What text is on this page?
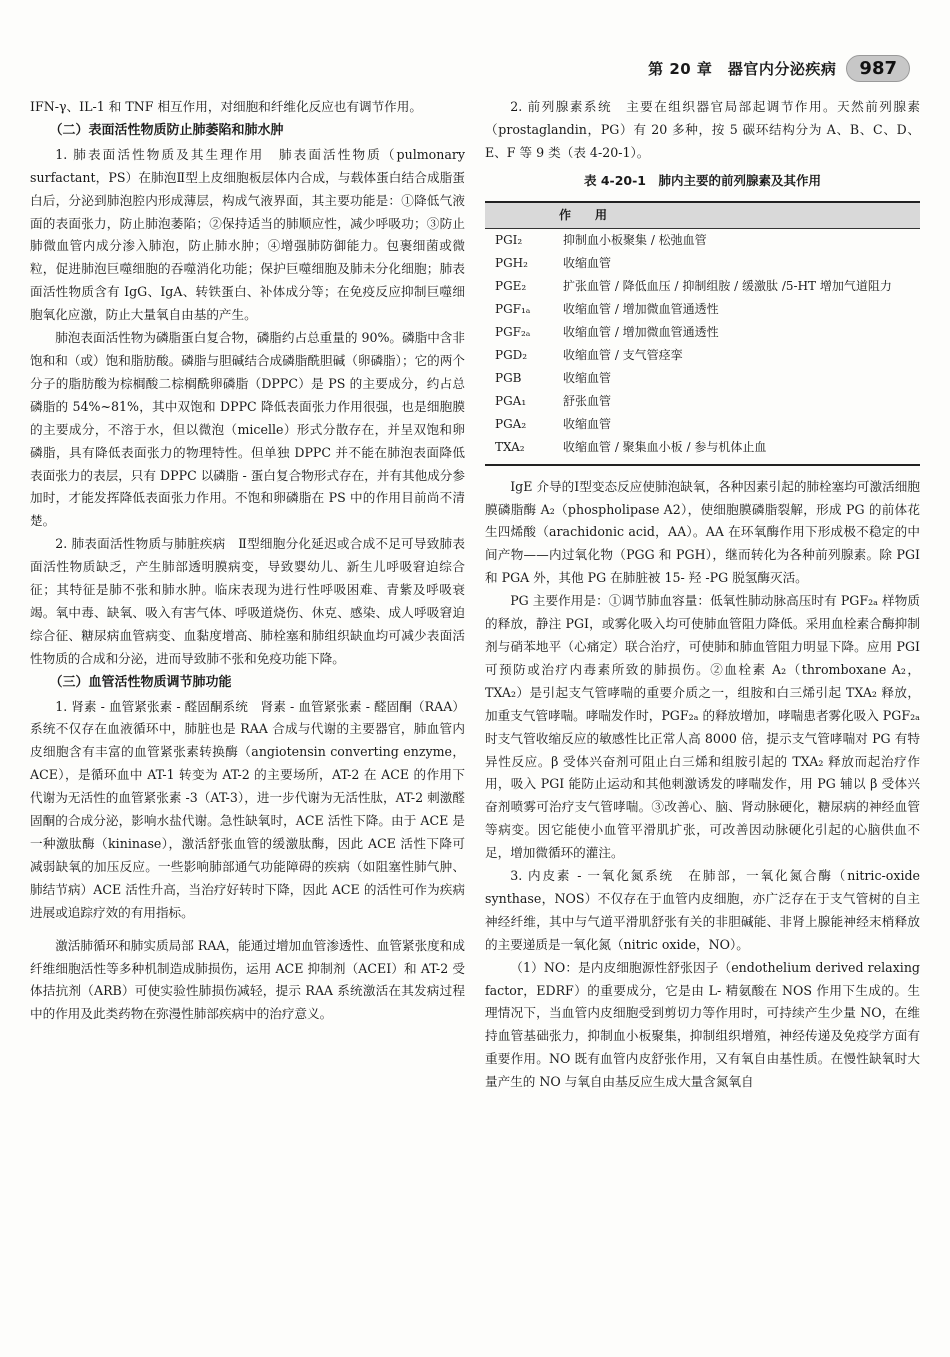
第 20 章　器官内分泌疾病	987

IFN-γ、IL-1 和 TNF 相互作用，对细胞和纤维化反应也有调节作用。

（二）表面活性物质防止肺萎陷和肺水肿

1. 肺表面活性物质及其生理作用　肺表面活性物质（pulmonary surfactant，PS）在肺泡Ⅱ型上皮细胞板层体内合成，与载体蛋白结合成脂蛋白后，分泌到肺泡腔内形成薄层，构成气液界面，其主要功能是：①降低气液面的表面张力，防止肺泡萎陷；②保持适当的肺顺应性，减少呼吸功；③防止肺微血管内成分渗入肺泡，防止肺水肿；④增强肺防御能力。包裹细菌或微粒，促进肺泡巨噬细胞的吞噬消化功能；保护巨噬细胞及肺未分化细胞；肺表面活性物质含有 IgG、IgA、转铁蛋白、补体成分等；在免疫反应抑制巨噬细胞氧化应激，防止大量氧自由基的产生。

肺泡表面活性物为磷脂蛋白复合物，磷脂约占总重量的 90%。磷脂中含非饱和和（或）饱和脂肪酸。磷脂与胆碱结合成磷脂酰胆碱（卵磷脂）；它的两个分子的脂肪酸为棕榈酸二棕榈酰卵磷脂（DPPC）是 PS 的主要成分，约占总磷脂的 54%~81%，其中双饱和 DPPC 降低表面张力作用很强，也是细胞膜的主要成分，不溶于水，但以微泡（micelle）形式分散存在，并呈双饱和卵磷脂，具有降低表面张力的物理特性。但单独 DPPC 并不能在肺泡表面降低表面张力的表层，只有 DPPC 以磷脂 - 蛋白复合物形式存在，并有其他成分参加时，才能发挥降低表面张力作用。不饱和卵磷脂在 PS 中的作用目前尚不清楚。

2. 肺表面活性物质与肺脏疾病　Ⅱ型细胞分化延迟或合成不足可导致肺表面活性物质缺乏，产生肺部透明膜病变，导致婴幼儿、新生儿呼吸窘迫综合征；其特征是肺不张和肺水肿。临床表现为进行性呼吸困难、青紫及呼吸衰竭。氧中毒、缺氧、吸入有害气体、呼吸道烧伤、休克、感染、成人呼吸窘迫综合征、糖尿病血管病变、血黏度增高、肺栓塞和肺组织缺血均可减少表面活性物质的合成和分泌，进而导致肺不张和免疫功能下降。

（三）血管活性物质调节肺功能

1. 肾素 - 血管紧张素 - 醛固酮系统　肾素 - 血管紧张素 - 醛固酮（RAA）系统不仅存在血液循环中，肺脏也是 RAA 合成与代谢的主要器官，肺血管内皮细胞含有丰富的血管紧张素转换酶（angiotensin converting enzyme，ACE），是循环血中 AT-1 转变为 AT-2 的主要场所，AT-2 在 ACE 的作用下代谢为无活性的血管紧张素 -3（AT-3），进一步代谢为无活性肽，AT-2 刺激醛固酮的合成分泌，影响水盐代谢。急性缺氧时，ACE 活性下降。由于 ACE 是一种激肽酶（kininase），激活舒张血管的缓激肽酶，因此 ACE 活性下降可减弱缺氧的加压反应。一些影响肺部通气功能障碍的疾病（如阻塞性肺气肿、肺结节病）ACE 活性升高，当治疗好转时下降，因此 ACE 的活性可作为疾病进展或追踪疗效的有用指标。

激活肺循环和肺实质局部 RAA，能通过增加血管渗透性、血管紧张度和成纤维细胞活性等多种机制造成肺损伤，运用 ACE 抑制剂（ACEI）和 AT-2 受体拮抗剂（ARB）可使实验性肺损伤减轻，提示 RAA 系统激活在其发病过程中的作用及此类药物在弥漫性肺部疾病中的治疗意义。

2. 前列腺素系统　主要在组织器官局部起调节作用。天然前列腺素（prostaglandin，PG）有 20 多种，按 5 碳环结构分为 A、B、C、D、E、F 等 9 类（表 4-20-1）。

表 4-20-1　肺内主要的前列腺素及其作用
	作　　用
PGI₂	抑制血小板聚集 / 松弛血管
PGH₂	收缩血管
PGE₂	扩张血管 / 降低血压 / 抑制组胺 / 缓激肽 /5-HT 增加气道阻力
PGF₁ₐ	收缩血管 / 增加微血管通透性
PGF₂ₐ	收缩血管 / 增加微血管通透性
PGD₂	收缩血管 / 支气管痉挛
PGB	收缩血管
PGA₁	舒张血管
PGA₂	收缩血管
TXA₂	收缩血管 / 聚集血小板 / 参与机体止血

IgE 介导的Ⅰ型变态反应使肺泡缺氧，各种因素引起的肺栓塞均可激活细胞膜磷脂酶 A₂（phospholipase A2），使细胞膜磷脂裂解，形成 PG 的前体花生四烯酸（arachidonic acid，AA）。AA 在环氧酶作用下形成极不稳定的中间产物——内过氧化物（PGG 和 PGH），继而转化为各种前列腺素。除 PGI 和 PGA 外，其他 PG 在肺脏被 15- 羟 -PG 脱氢酶灭活。

PG 主要作用是：①调节肺血容量：低氧性肺动脉高压时有 PGF₂ₐ 样物质的释放，静注 PGI，或雾化吸入均可使肺血管阻力降低。采用血栓素合酶抑制剂与硝苯地平（心痛定）联合治疗，可使肺和肺血管阻力明显下降。应用 PGI 可预防或治疗内毒素所致的肺损伤。②血栓素 A₂（thromboxane A₂，TXA₂）是引起支气管哮喘的重要介质之一，组胺和白三烯引起 TXA₂ 释放，加重支气管哮喘。哮喘发作时，PGF₂ₐ 的释放增加，哮喘患者雾化吸入 PGF₂ₐ 时支气管收缩反应的敏感性比正常人高 8000 倍，提示支气管哮喘对 PG 有特异性反应。β 受体兴奋剂可阻止白三烯和组胺引起的 TXA₂ 释放而起治疗作用，吸入 PGI 能防止运动和其他刺激诱发的哮喘发作，用 PG 辅以 β 受体兴奋剂喷雾可治疗支气管哮喘。③改善心、脑、肾动脉硬化，糖尿病的神经血管等病变。因它能使小血管平滑肌扩张，可改善因动脉硬化引起的心脑供血不足，增加微循环的灌注。

3. 内皮素 - 一氧化氮系统　在肺部，一氧化氮合酶（nitric-oxide synthase，NOS）不仅存在于血管内皮细胞，亦广泛存在于支气管树的自主神经纤维，其中与气道平滑肌舒张有关的非胆碱能、非肾上腺能神经末梢释放的主要递质是一氧化氮（nitric oxide，NO）。

（1）NO：是内皮细胞源性舒张因子（endothelium derived relaxing factor，EDRF）的重要成分，它是由 L- 精氨酸在 NOS 作用下生成的。生理情况下，当血管内皮细胞受到剪切力等作用时，可持续产生少量 NO，在维持血管基础张力，抑制血小板聚集，抑制组织增殖，神经传递及免疫学方面有重要作用。NO 既有血管内皮舒张作用，又有氧自由基性质。在慢性缺氧时大量产生的 NO 与氧自由基反应生成大量含氮氧自
